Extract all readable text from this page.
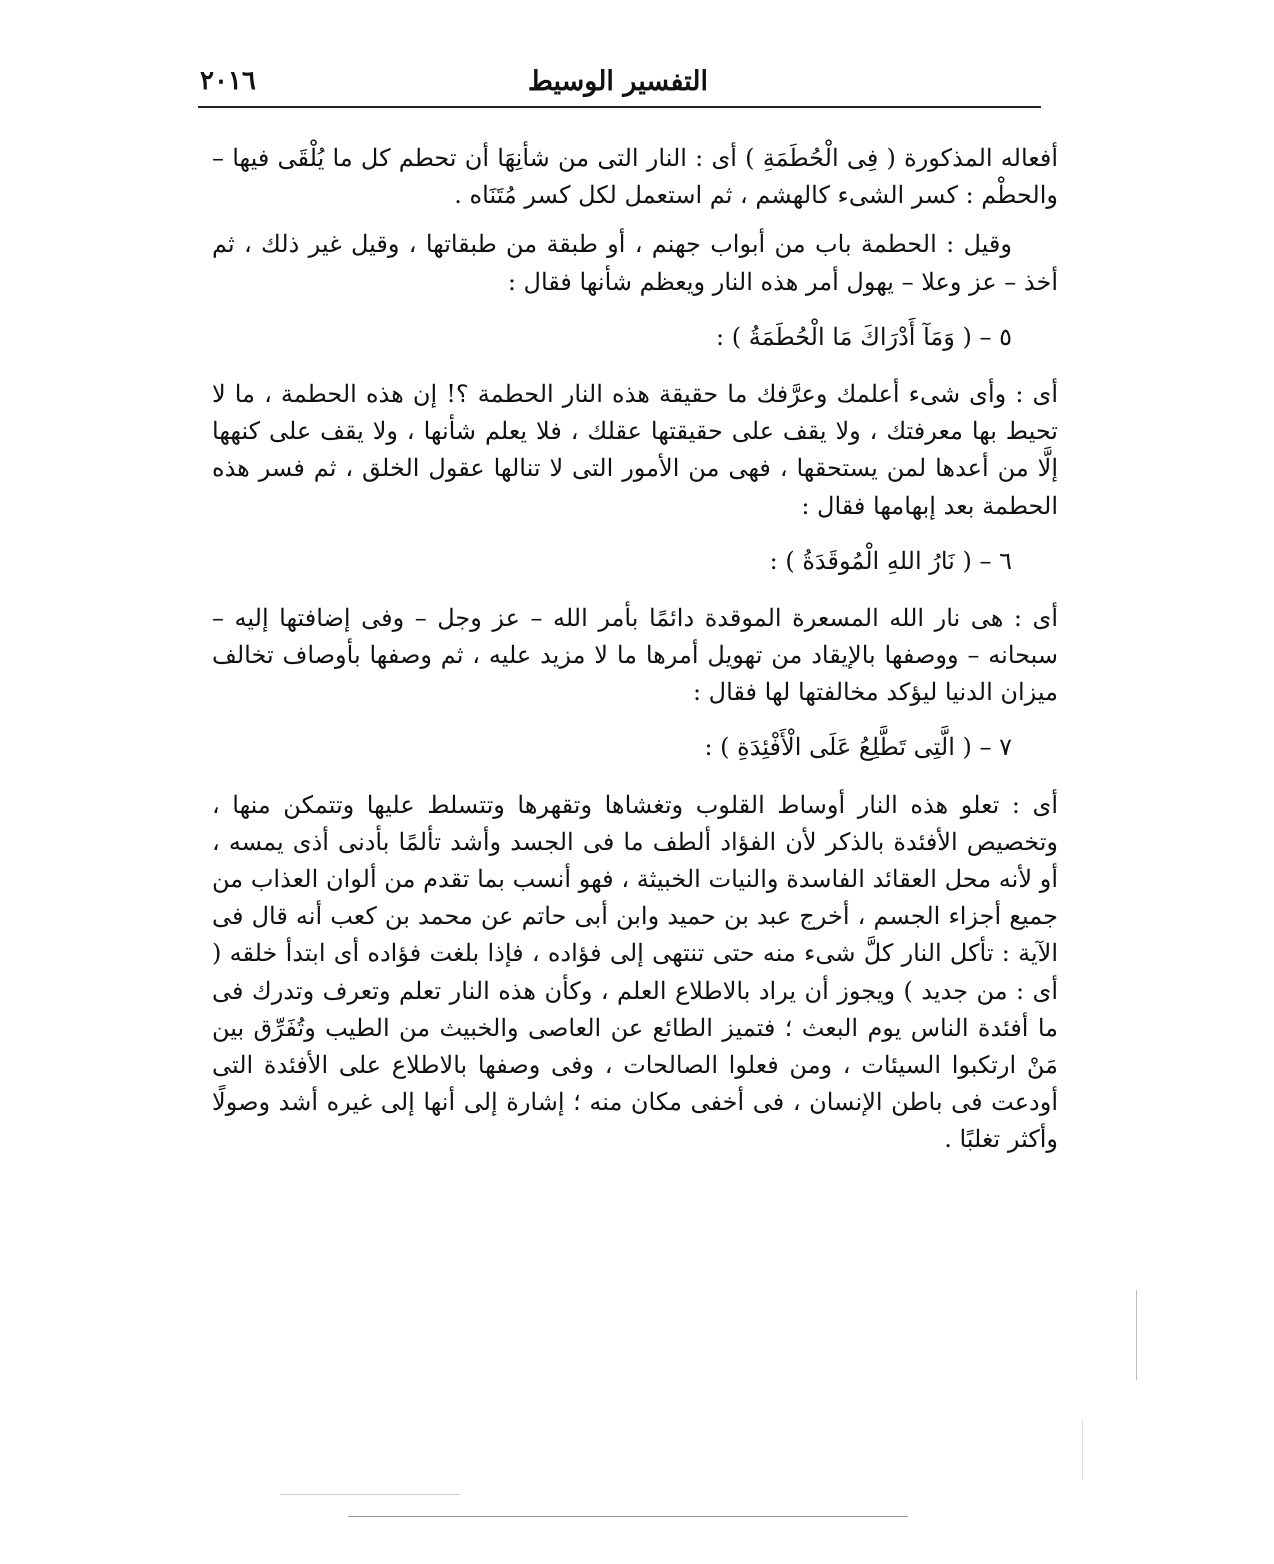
التفسير الوسيط
٢٠١٦

أفعاله المذكورة ( فِى الْحُطَمَةِ ) أى : النار التى من شأنِهَا أن تحطم كل ما يُلْقَى فيها – والحطْم : كسر الشىء كالهشم ، ثم استعمل لكل كسر مُتَنَاه .

وقيل : الحطمة باب من أبواب جهنم ، أو طبقة من طبقاتها ، وقيل غير ذلك ، ثم أخذ – عز وعلا – يهول أمر هذه النار ويعظم شأنها فقال :

٥ – ( وَمَآ أَدْرَاكَ مَا الْحُطَمَةُ ) :

أى : وأى شىء أعلمك وعرَّفك ما حقيقة هذه النار الحطمة ؟! إن هذه الحطمة ، ما لا تحيط بها معرفتك ، ولا يقف على حقيقتها عقلك ، فلا يعلم شأنها ، ولا يقف على كنهها إلَّا من أعدها لمن يستحقها ، فهى من الأمور التى لا تنالها عقول الخلق ، ثم فسر هذه الحطمة بعد إبهامها فقال :

٦ – ( نَارُ اللهِ الْمُوقَدَةُ ) :

أى : هى نار الله المسعرة الموقدة دائمًا بأمر الله – عز وجل – وفى إضافتها إليه – سبحانه – ووصفها بالإيقاد من تهويل أمرها ما لا مزيد عليه ، ثم وصفها بأوصاف تخالف ميزان الدنيا ليؤكد مخالفتها لها فقال :

٧ – ( الَّتِى تَطَّلِعُ عَلَى الْأَفْئِدَةِ ) :

أى : تعلو هذه النار أوساط القلوب وتغشاها وتقهرها وتتسلط عليها وتتمكن منها ، وتخصيص الأفئدة بالذكر لأن الفؤاد ألطف ما فى الجسد وأشد تألمًا بأدنى أذى يمسه ، أو لأنه محل العقائد الفاسدة والنيات الخبيثة ، فهو أنسب بما تقدم من ألوان العذاب من جميع أجزاء الجسم ، أخرج عبد بن حميد وابن أبى حاتم عن محمد بن كعب أنه قال فى الآية : تأكل النار كلَّ شىء منه حتى تنتهى إلى فؤاده ، فإذا بلغت فؤاده أى ابتدأ خلقه ( أى : من جديد ) ويجوز أن يراد بالاطلاع العلم ، وكأن هذه النار تعلم وتعرف وتدرك فى ما أفئدة الناس يوم البعث ؛ فتميز الطائع عن العاصى والخبيث من الطيب وتُفَرِّق بين مَنْ ارتكبوا السيئات ، ومن فعلوا الصالحات ، وفى وصفها بالاطلاع على الأفئدة التى أودعت فى باطن الإنسان ، فى أخفى مكان منه ؛ إشارة إلى أنها إلى غيره أشد وصولًا وأكثر تغلبًا .
